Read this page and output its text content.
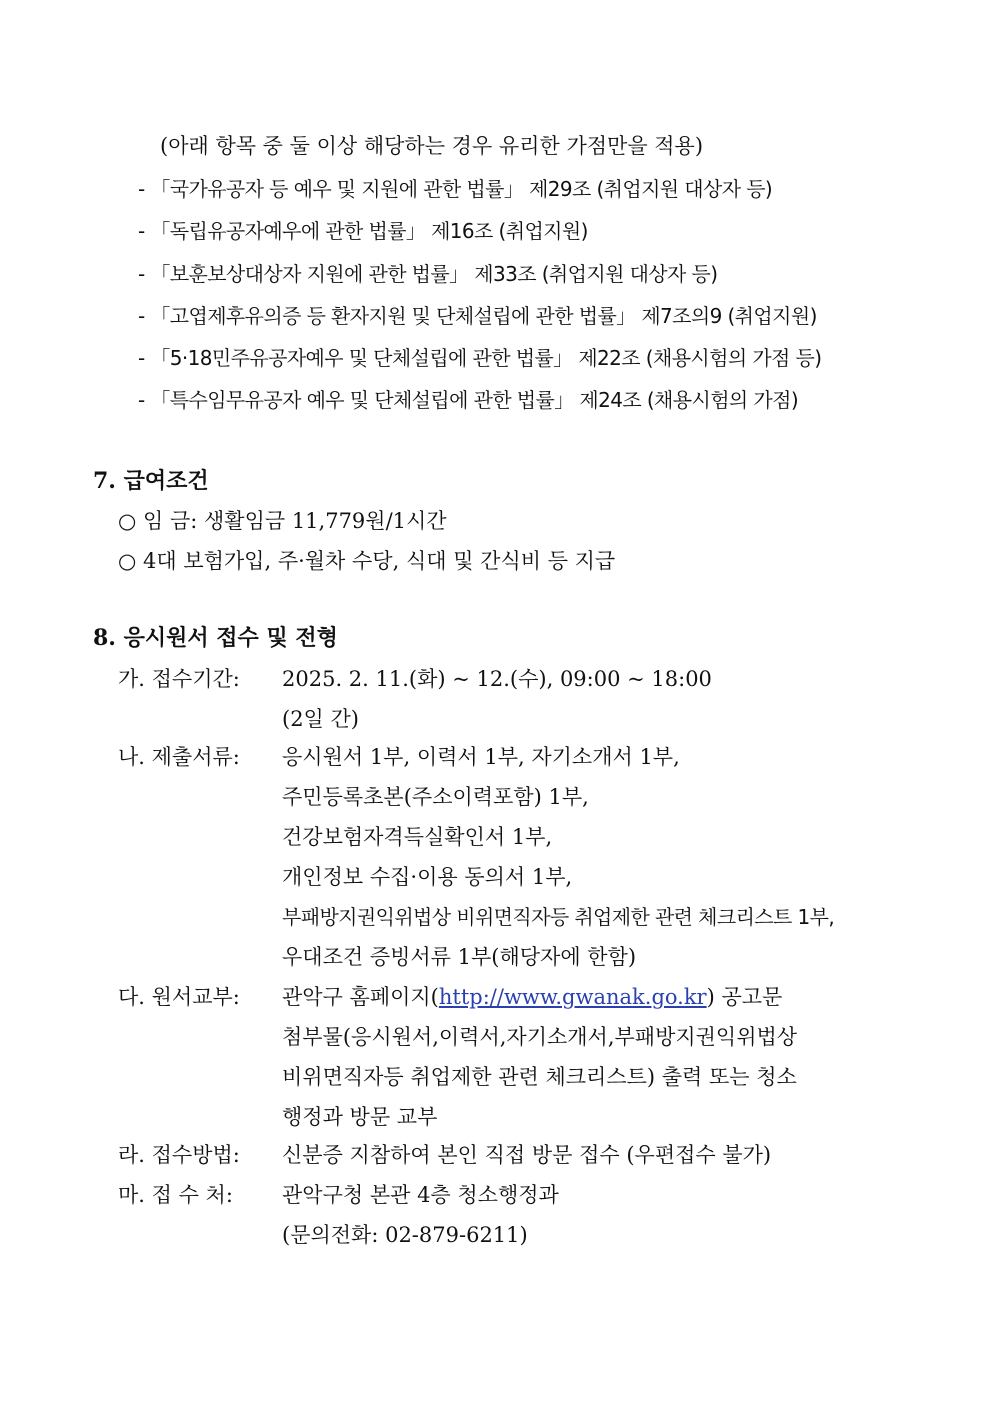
(아래 항목 중 둘 이상 해당하는 경우 유리한 가점만을 적용)
- 「국가유공자 등 예우 및 지원에 관한 법률」 제29조 (취업지원 대상자 등)
- 「독립유공자예우에 관한 법률」 제16조 (취업지원)
- 「보훈보상대상자 지원에 관한 법률」 제33조 (취업지원 대상자 등)
- 「고엽제후유의증 등 환자지원 및 단체설립에 관한 법률」 제7조의9 (취업지원)
- 「5·18민주유공자예우 및 단체설립에 관한 법률」 제22조 (채용시험의 가점 등)
- 「특수임무유공자 예우 및 단체설립에 관한 법률」 제24조 (채용시험의 가점)
7. 급여조건
○ 임 금: 생활임금 11,779원/1시간
○ 4대 보험가입, 주·월차 수당, 식대 및 간식비 등 지급
8. 응시원서 접수 및 전형
가. 접수기간: 2025. 2. 11.(화) ~ 12.(수), 09:00 ~ 18:00
(2일 간)
나. 제출서류: 응시원서 1부, 이력서 1부, 자기소개서 1부,
주민등록초본(주소이력포함) 1부,
건강보험자격득실확인서 1부,
개인정보 수집·이용 동의서 1부,
부패방지권익위법상 비위면직자등 취업제한 관련 체크리스트 1부,
우대조건 증빙서류 1부(해당자에 한함)
다. 원서교부: 관악구 홈페이지(http://www.gwanak.go.kr) 공고문
첨부물(응시원서,이력서,자기소개서,부패방지권익위법상
비위면직자등 취업제한 관련 체크리스트) 출력 또는 청소
행정과 방문 교부
라. 접수방법: 신분증 지참하여 본인 직접 방문 접수 (우편접수 불가)
마. 접 수 처: 관악구청 본관 4층 청소행정과
(문의전화: 02-879-6211)
